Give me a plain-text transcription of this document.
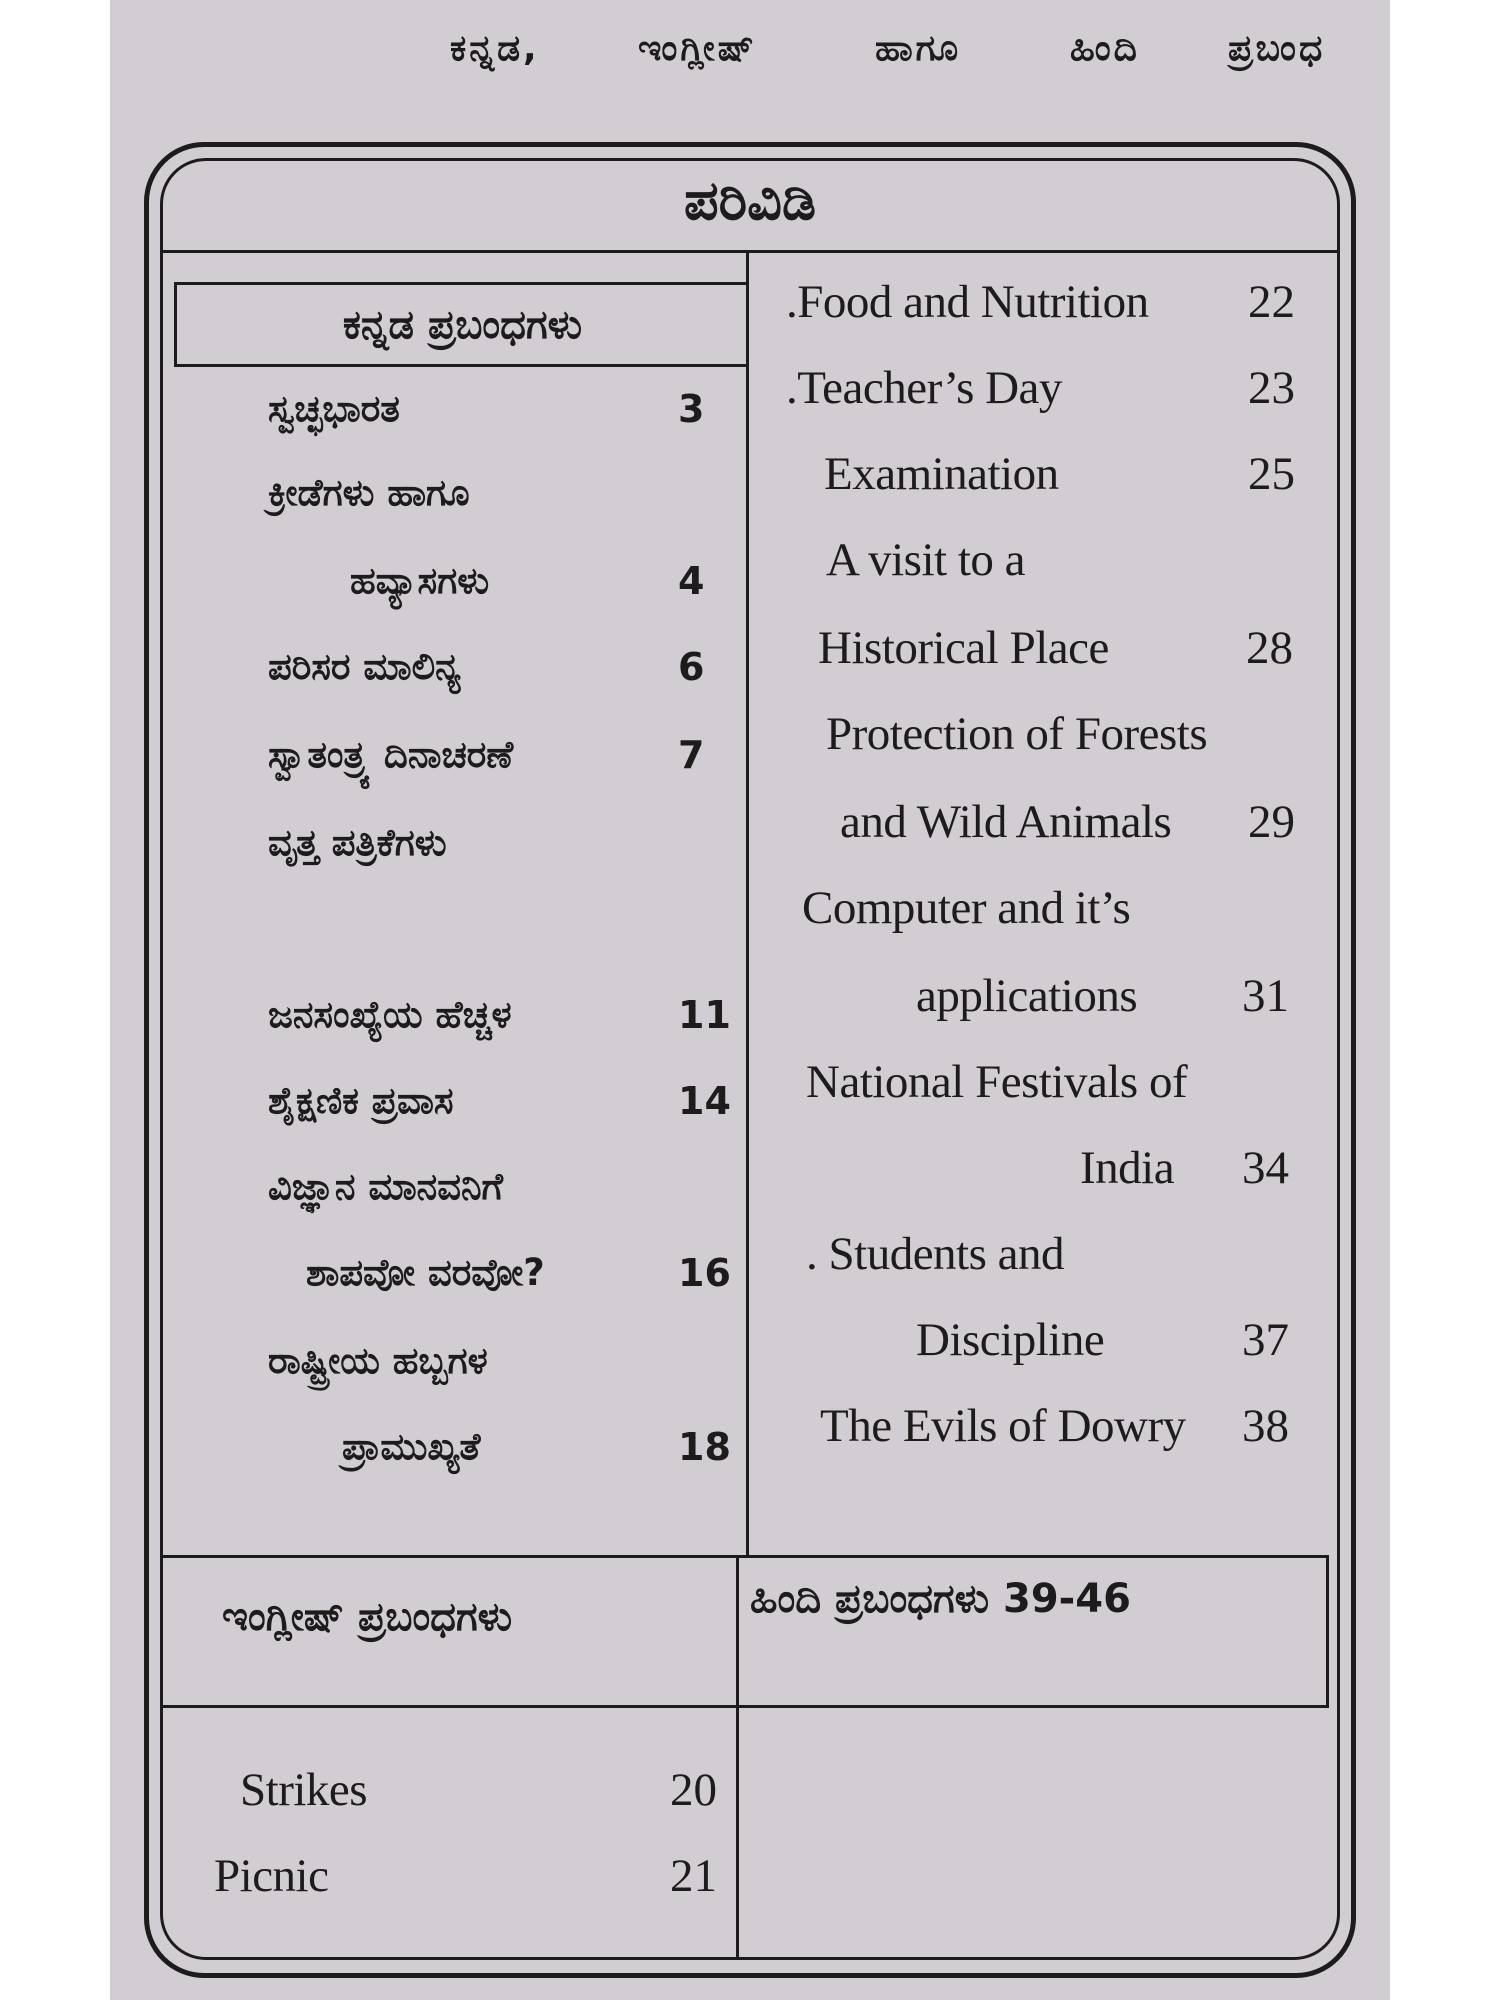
ಕನ್ನಡ,	ಇಂಗ್ಲೀಷ್	ಹಾಗೂ	ಹಿಂದಿ ಪ್ರಬಂಧ
ಪರಿವಿಡಿ
ಕನ್ನಡ ಪ್ರಬಂಧಗಳು
ಸ್ವಚ್ಛಭಾರತ	3
ಕ್ರೀಡೆಗಳು ಹಾಗೂ
ಹವ್ಯಾಸಗಳು	4
ಪರಿಸರ ಮಾಲಿನ್ಯ	6
ಸ್ವಾತಂತ್ರ್ಯ ದಿನಾಚರಣೆ	7
ವೃತ್ತ ಪತ್ರಿಕೆಗಳು
ಜನಸಂಖ್ಯೆಯ ಹೆಚ್ಚಳ	11
ಶೈಕ್ಷಣಿಕ ಪ್ರವಾಸ	14
ವಿಜ್ಞಾನ ಮಾನವನಿಗೆ
ಶಾಪವೋ ವರವೋ?	16
ರಾಷ್ಟ್ರೀಯ ಹಬ್ಬಗಳ
ಪ್ರಾಮುಖ್ಯತೆ	18
.Food and Nutrition 22
.Teacher’s Day	23
Examination	25
A visit to a
Historical Place	28
Protection of Forests
and Wild Animals 29
Computer and it’s
applications 31
National Festivals of
India 34
. Students and
Discipline	37
The Evils of Dowry 38
ಇಂಗ್ಲೀಷ್ ಪ್ರಬಂಧಗಳು
Strikes	20
Picnic	21
ಹಿಂದಿ ಪ್ರಬಂಧಗಳು 39-46
